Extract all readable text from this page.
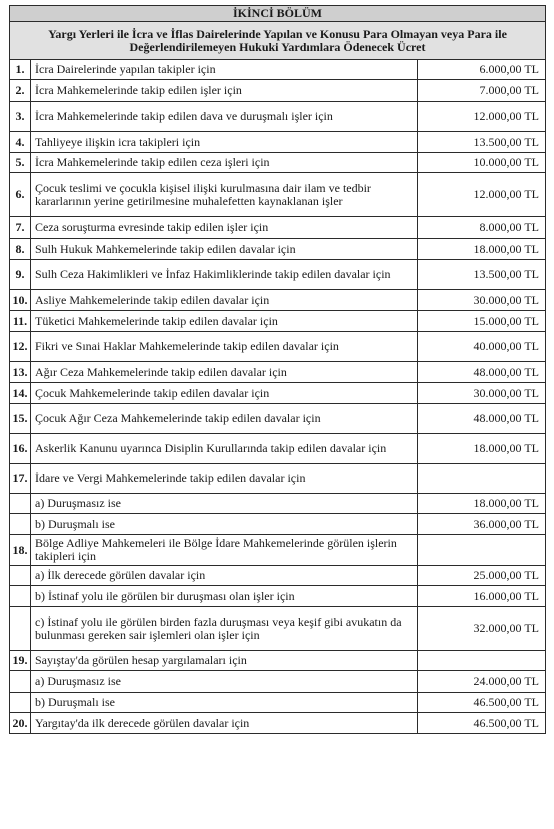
İKİNCİ BÖLÜM		
Yargı Yerleri ile İcra ve İflas Dairelerinde Yapılan ve Konusu Para Olmayan veya Para ile Değerlendirilemeyen Hukuki Yardımlara Ödenecek Ücret		
1.	İcra Dairelerinde yapılan takipler için	6.000,00 TL
2.	İcra Mahkemelerinde takip edilen işler için	7.000,00 TL
3.	İcra Mahkemelerinde takip edilen dava ve duruşmalı işler için	12.000,00 TL
4.	Tahliyeye ilişkin icra takipleri için	13.500,00 TL
5.	İcra Mahkemelerinde takip edilen ceza işleri için	10.000,00 TL
6.	Çocuk teslimi ve çocukla kişisel ilişki kurulmasına dair ilam ve tedbir kararlarının yerine getirilmesine muhalefetten kaynaklanan işler	12.000,00 TL
7.	Ceza soruşturma evresinde takip edilen işler için	8.000,00 TL
8.	Sulh Hukuk Mahkemelerinde takip edilen davalar için	18.000,00 TL
9.	Sulh Ceza Hakimlikleri ve İnfaz Hakimliklerinde takip edilen davalar için	13.500,00 TL
10.	Asliye Mahkemelerinde takip edilen davalar için	30.000,00 TL
11.	Tüketici Mahkemelerinde takip edilen davalar için	15.000,00 TL
12.	Fikri ve Sınai Haklar Mahkemelerinde takip edilen davalar için	40.000,00 TL
13.	Ağır Ceza Mahkemelerinde takip edilen davalar için	48.000,00 TL
14.	Çocuk Mahkemelerinde takip edilen davalar için	30.000,00 TL
15.	Çocuk Ağır Ceza Mahkemelerinde takip edilen davalar için	48.000,00 TL
16.	Askerlik Kanunu uyarınca Disiplin Kurullarında takip edilen davalar için	18.000,00 TL
17.	İdare ve Vergi Mahkemelerinde takip edilen davalar için	
	a) Duruşmasız ise	18.000,00 TL
	b) Duruşmalı ise	36.000,00 TL
18.	Bölge Adliye Mahkemeleri ile Bölge İdare Mahkemelerinde görülen işlerin takipleri için	
	a) İlk derecede görülen davalar için	25.000,00 TL
	b) İstinaf yolu ile görülen bir duruşması olan işler için	16.000,00 TL
	c) İstinaf yolu ile görülen birden fazla duruşması veya keşif gibi avukatın da bulunması gereken sair işlemleri olan işler için	32.000,00 TL
19.	Sayıştay'da görülen hesap yargılamaları için	
	a) Duruşmasız ise	24.000,00 TL
	b) Duruşmalı ise	46.500,00 TL
20.	Yargıtay'da ilk derecede görülen davalar için	46.500,00 TL
